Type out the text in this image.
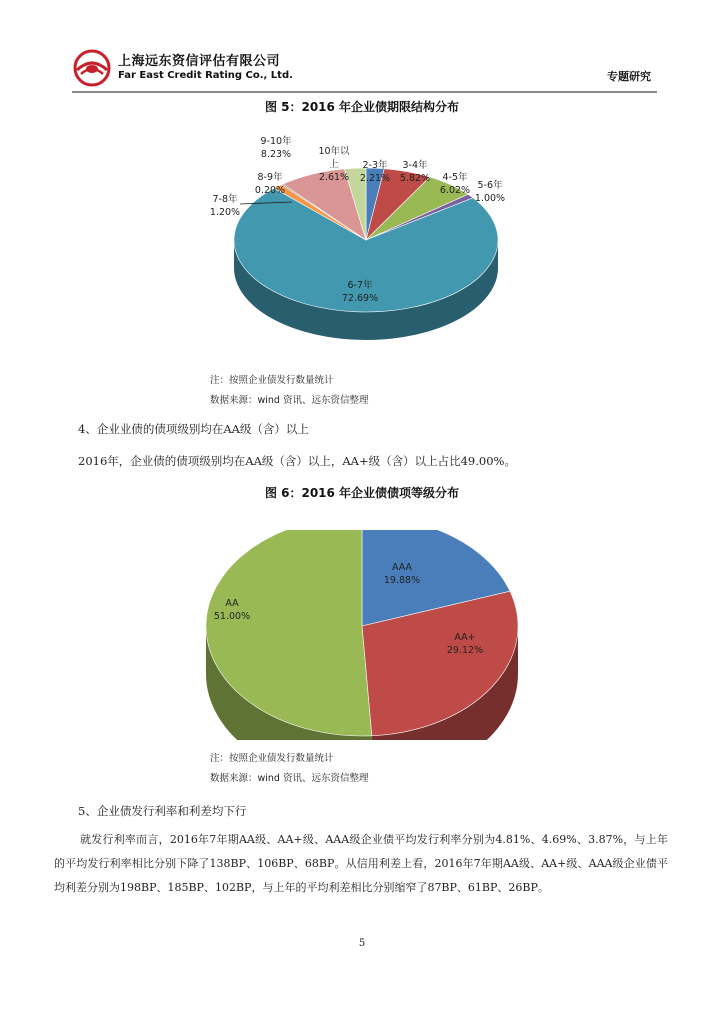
上海远东资信评估有限公司
Far East Credit Rating Co., Ltd.	专题研究
图 5：2016 年企业债期限结构分布
2-3年
2.21%
3-4年
5.82% 4-5年
6.02% 5-6年
1.00%
6-7年
72.69%
7-8年
1.20%
8-9年
0.20%
9-10年
8.23%	10年以
上
2.61%
注：按照企业债发行数量统计
数据来源：wind 资讯、远东资信整理
4、企业业债的债项级别均在AA级（含）以上
2016年，企业债的债项级别均在AA级（含）以上，AA+级（含）以上占比49.00%。
图 6：2016 年企业债债项等级分布
AAA
19.88%
AA+
29.12%
AA
51.00%
注：按照企业债发行数量统计
数据来源：wind 资讯、远东资信整理
5、企业债发行利率和利差均下行
就发行利率而言，2016年7年期AA级、AA+级、AAA级企业债平均发行利率分别为4.81%、4.69%、3.87%，与上年的平均发行利率相比分别下降了138BP、106BP、68BP。从信用利差上看，2016年7年期AA级、AA+级、AAA级企业债平均利差分别为198BP、185BP、102BP，与上年的平均利差相比分别缩窄了87BP、61BP、26BP。
5
